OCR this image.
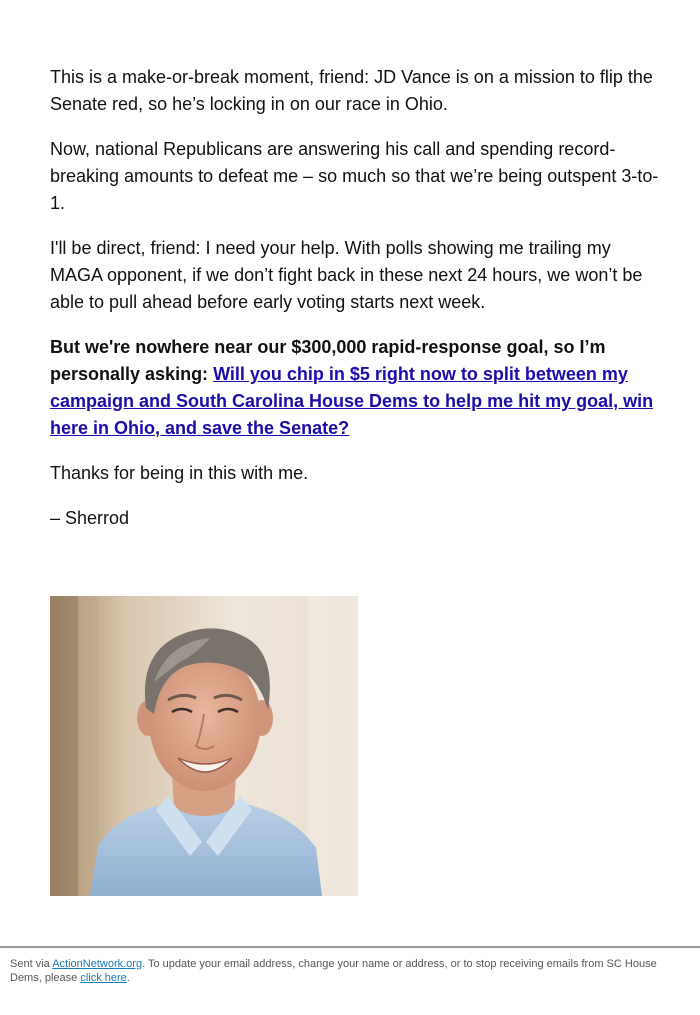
This is a make-or-break moment, friend: JD Vance is on a mission to flip the Senate red, so he’s locking in on our race in Ohio.

Now, national Republicans are answering his call and spending record-breaking amounts to defeat me – so much so that we’re being outspent 3-to-1.

I'll be direct, friend: I need your help. With polls showing me trailing my MAGA opponent, if we don’t fight back in these next 24 hours, we won’t be able to pull ahead before early voting starts next week.

But we're nowhere near our $300,000 rapid-response goal, so I’m personally asking: Will you chip in $5 right now to split between my campaign and South Carolina House Dems to help me hit my goal, win here in Ohio, and save the Senate?

Thanks for being in this with me.

– Sherrod

Sent via ActionNetwork.org. To update your email address, change your name or address, or to stop receiving emails from SC House Dems, please click here.
